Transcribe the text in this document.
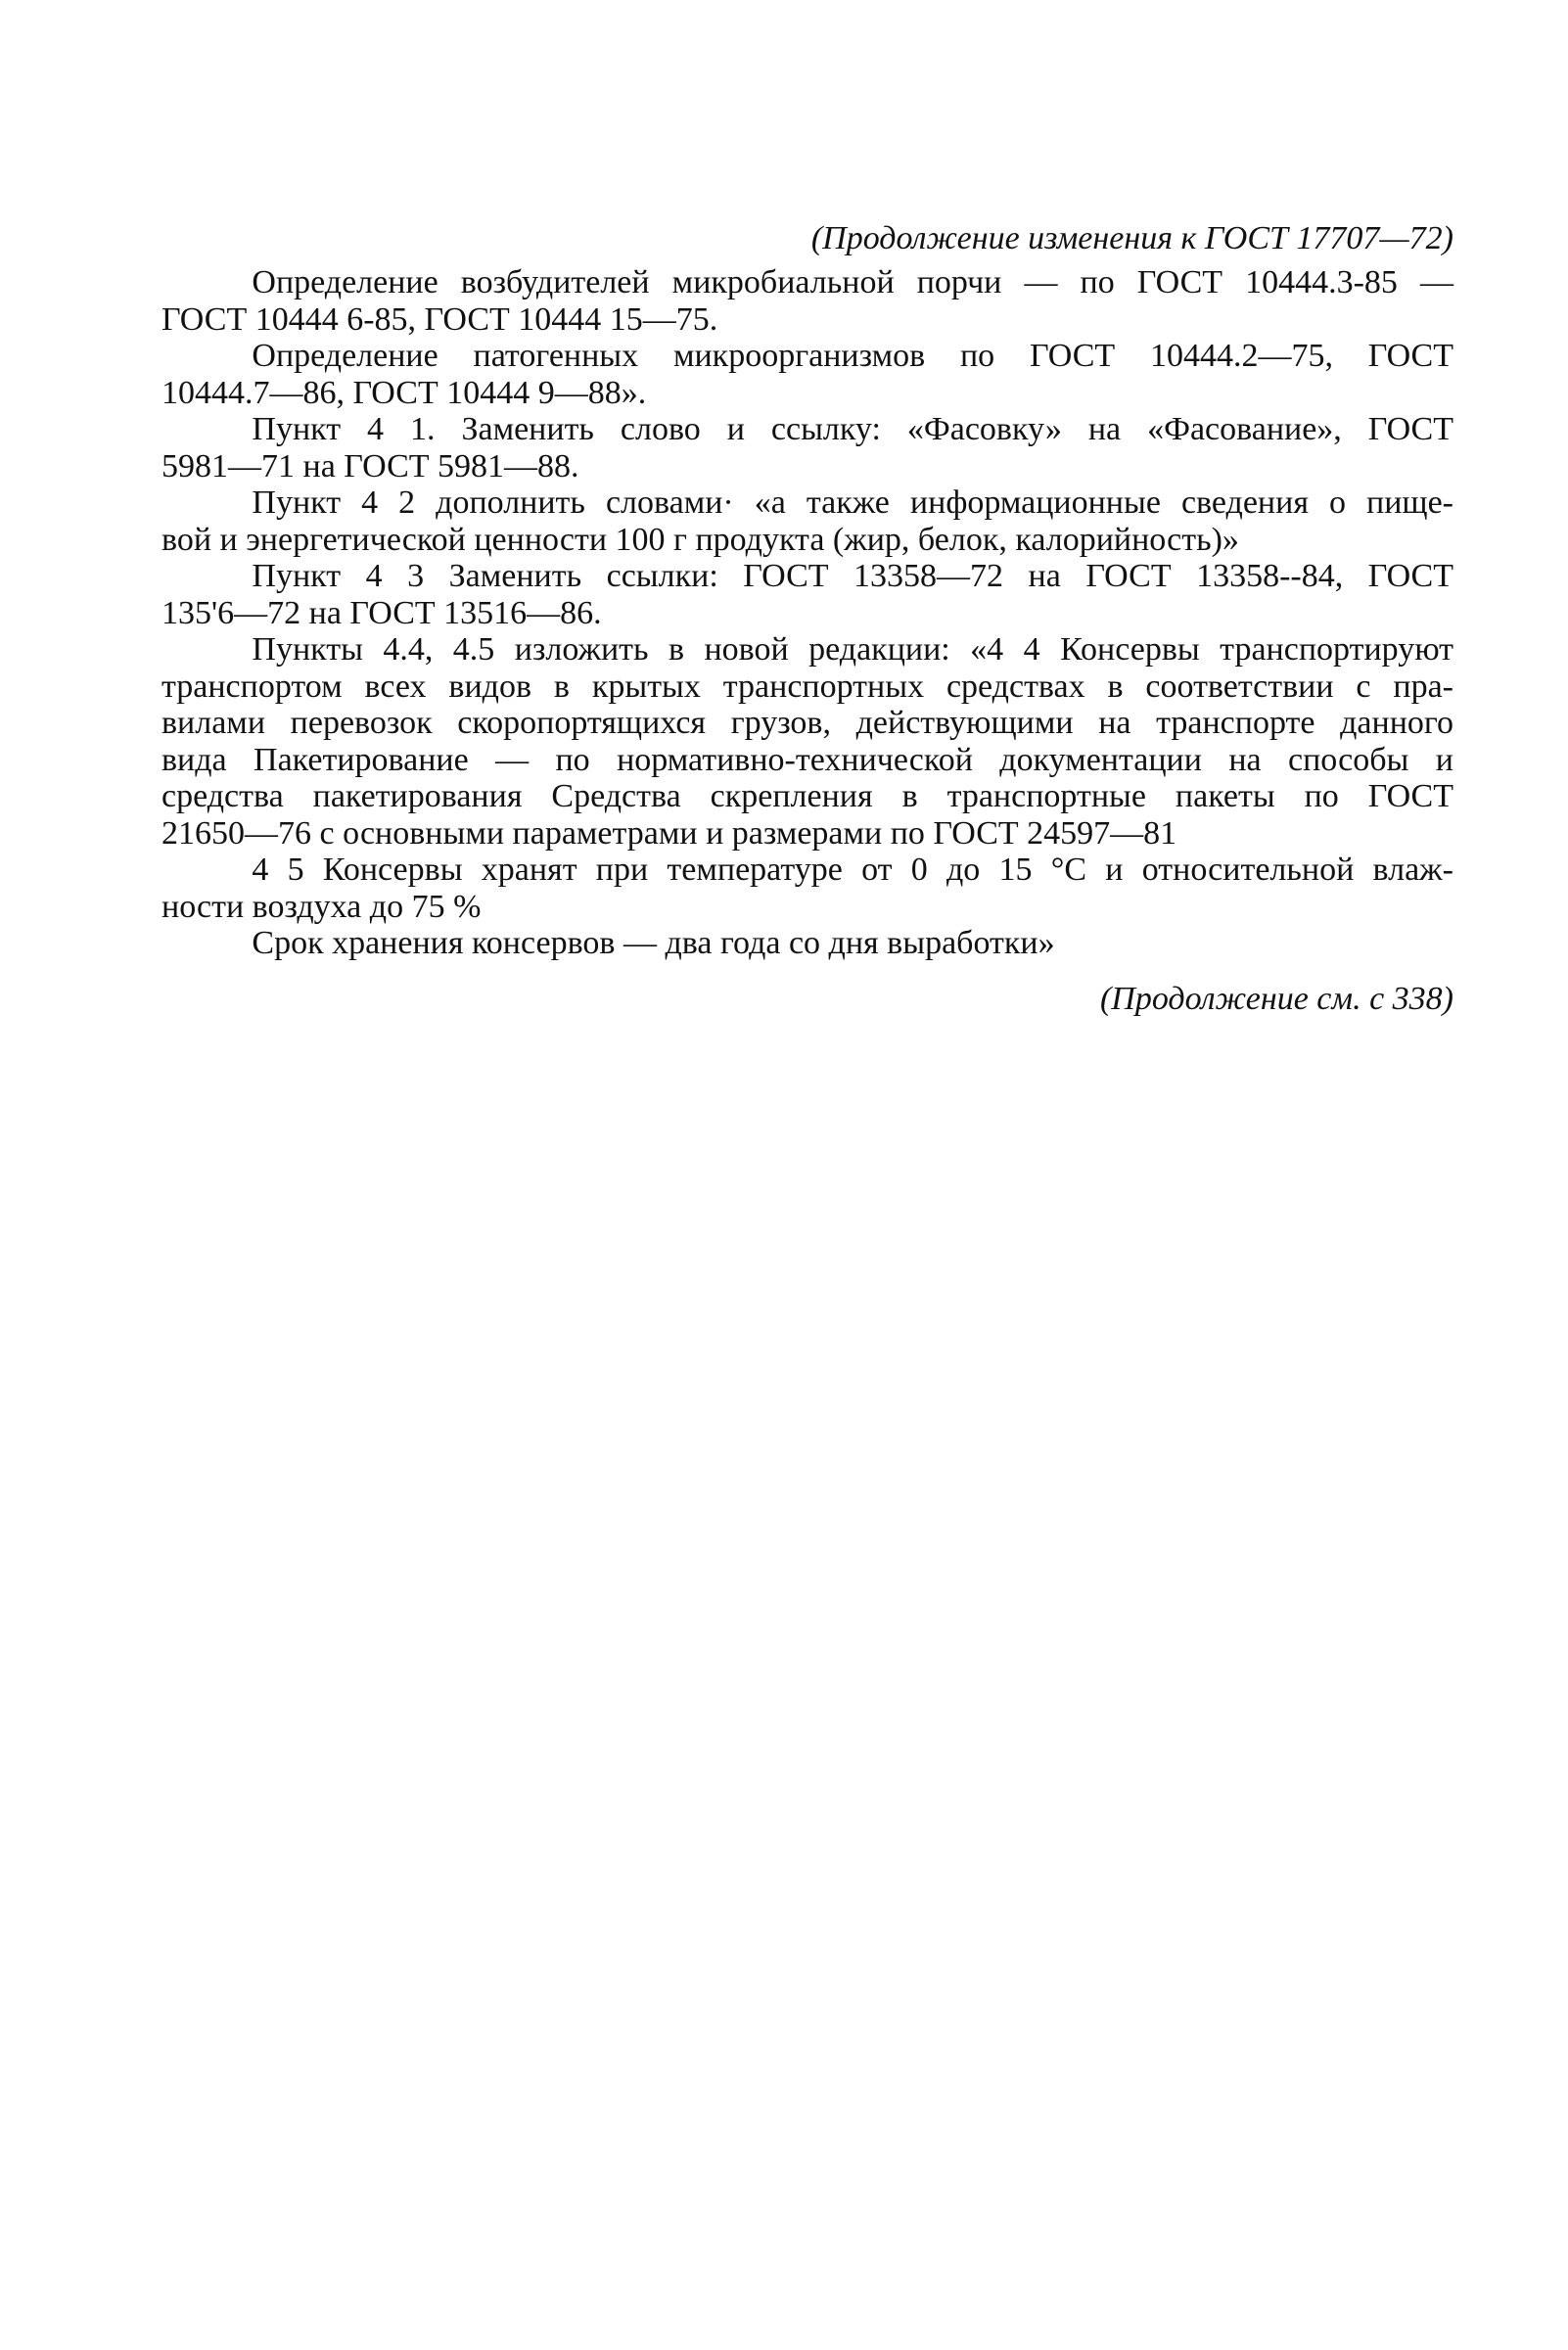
(Продолжение изменения к ГОСТ 17707—72)
Определение возбудителей микробиальной порчи — по ГОСТ 10444.3-85 —
ГОСТ 10444 6-85, ГОСТ 10444 15—75.
Определение патогенных микроорганизмов по ГОСТ 10444.2—75, ГОСТ
10444.7—86, ГОСТ 10444 9—88».
Пункт 4 1. Заменить слово и ссылку: «Фасовку» на «Фасование», ГОСТ
5981—71 на ГОСТ 5981—88.
Пункт 4 2 дополнить словами· «а также информационные сведения о пище-
вой и энергетической ценности 100 г продукта (жир, белок, калорийность)»
Пункт 4 3 Заменить ссылки: ГОСТ 13358—72 на ГОСТ 13358--84, ГОСТ
135'6—72 на ГОСТ 13516—86.
Пункты 4.4, 4.5 изложить в новой редакции: «4 4 Консервы транспортируют
транспортом всех видов в крытых транспортных средствах в соответствии с пра-
вилами перевозок скоропортящихся грузов, действующими на транспорте данного
вида Пакетирование — по нормативно-технической документации на способы и
средства пакетирования Средства скрепления в транспортные пакеты по ГОСТ
21650—76 с основными параметрами и размерами по ГОСТ 24597—81
4 5 Консервы хранят при температуре от 0 до 15 °С и относительной влаж-
ности воздуха до 75 %
Срок хранения консервов — два года со дня выработки»
(Продолжение см. с 338)
